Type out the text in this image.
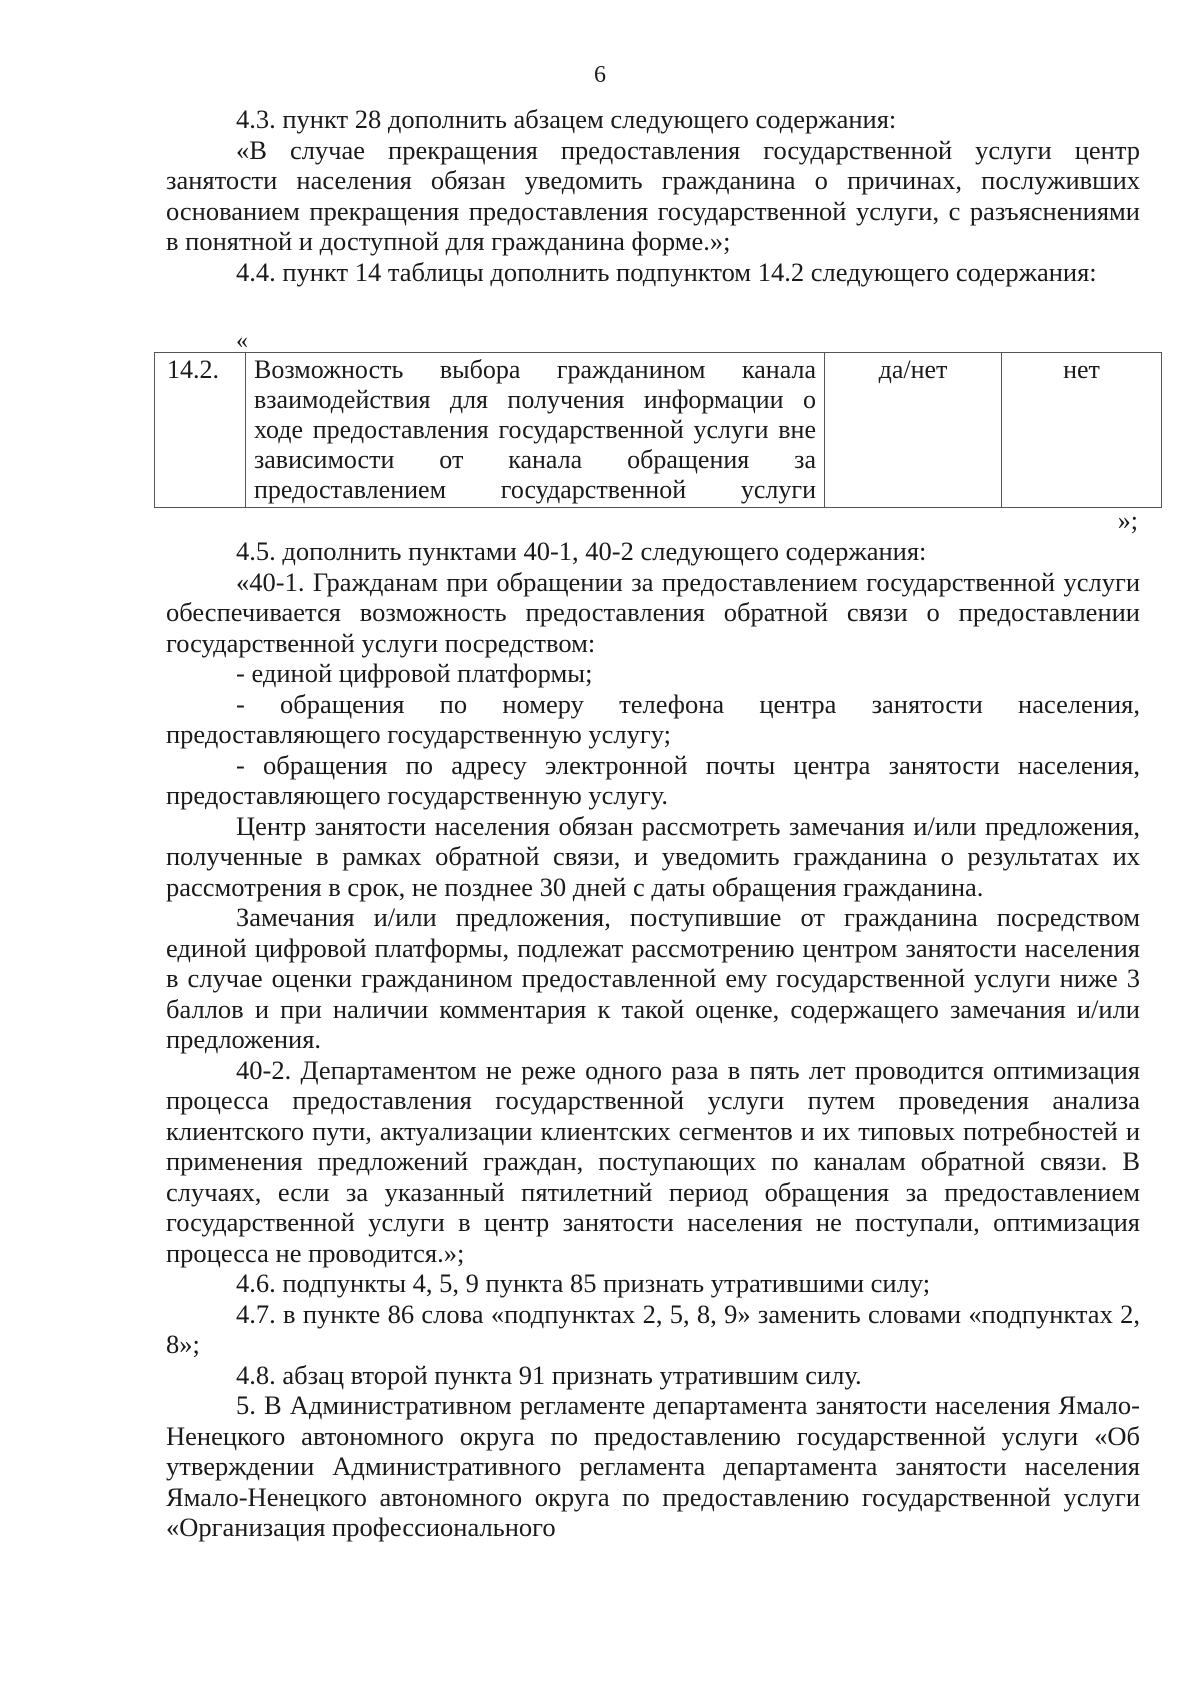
6

4.3. пункт 28 дополнить абзацем следующего содержания:

«В случае прекращения предоставления государственной услуги центр занятости населения обязан уведомить гражданина о причинах, послуживших основанием прекращения предоставления государственной услуги, с разъяснениями в понятной и доступной для гражданина форме.»;

4.4. пункт 14 таблицы дополнить подпунктом 14.2 следующего содержания:

«
14.2.	Возможность выбора гражданином канала взаимодействия для получения информации о ходе предоставления государственной услуги вне зависимости от канала обращения за предоставлением государственной услуги	да/нет	нет
»;

4.5. дополнить пунктами 40-1, 40-2 следующего содержания:

«40-1. Гражданам при обращении за предоставлением государственной услуги обеспечивается возможность предоставления обратной связи о предоставлении государственной услуги посредством:

- единой цифровой платформы;

- обращения по номеру телефона центра занятости населения, предоставляющего государственную услугу;

- обращения по адресу электронной почты центра занятости населения, предоставляющего государственную услугу.

Центр занятости населения обязан рассмотреть замечания и/или предложения, полученные в рамках обратной связи, и уведомить гражданина о результатах их рассмотрения в срок, не позднее 30 дней с даты обращения гражданина.

Замечания и/или предложения, поступившие от гражданина посредством единой цифровой платформы, подлежат рассмотрению центром занятости населения в случае оценки гражданином предоставленной ему государственной услуги ниже 3 баллов и при наличии комментария к такой оценке, содержащего замечания и/или предложения.

40-2. Департаментом не реже одного раза в пять лет проводится оптимизация процесса предоставления государственной услуги путем проведения анализа клиентского пути, актуализации клиентских сегментов и их типовых потребностей и применения предложений граждан, поступающих по каналам обратной связи. В случаях, если за указанный пятилетний период обращения за предоставлением государственной услуги в центр занятости населения не поступали, оптимизация процесса не проводится.»;

4.6. подпункты 4, 5, 9 пункта 85 признать утратившими силу;

4.7. в пункте 86 слова «подпунктах 2, 5, 8, 9» заменить словами «подпунктах 2, 8»;

4.8. абзац второй пункта 91 признать утратившим силу.

5. В Административном регламенте департамента занятости населения Ямало-Ненецкого автономного округа по предоставлению государственной услуги «Об утверждении Административного регламента департамента занятости населения Ямало-Ненецкого автономного округа по предоставлению государственной услуги «Организация профессионального
